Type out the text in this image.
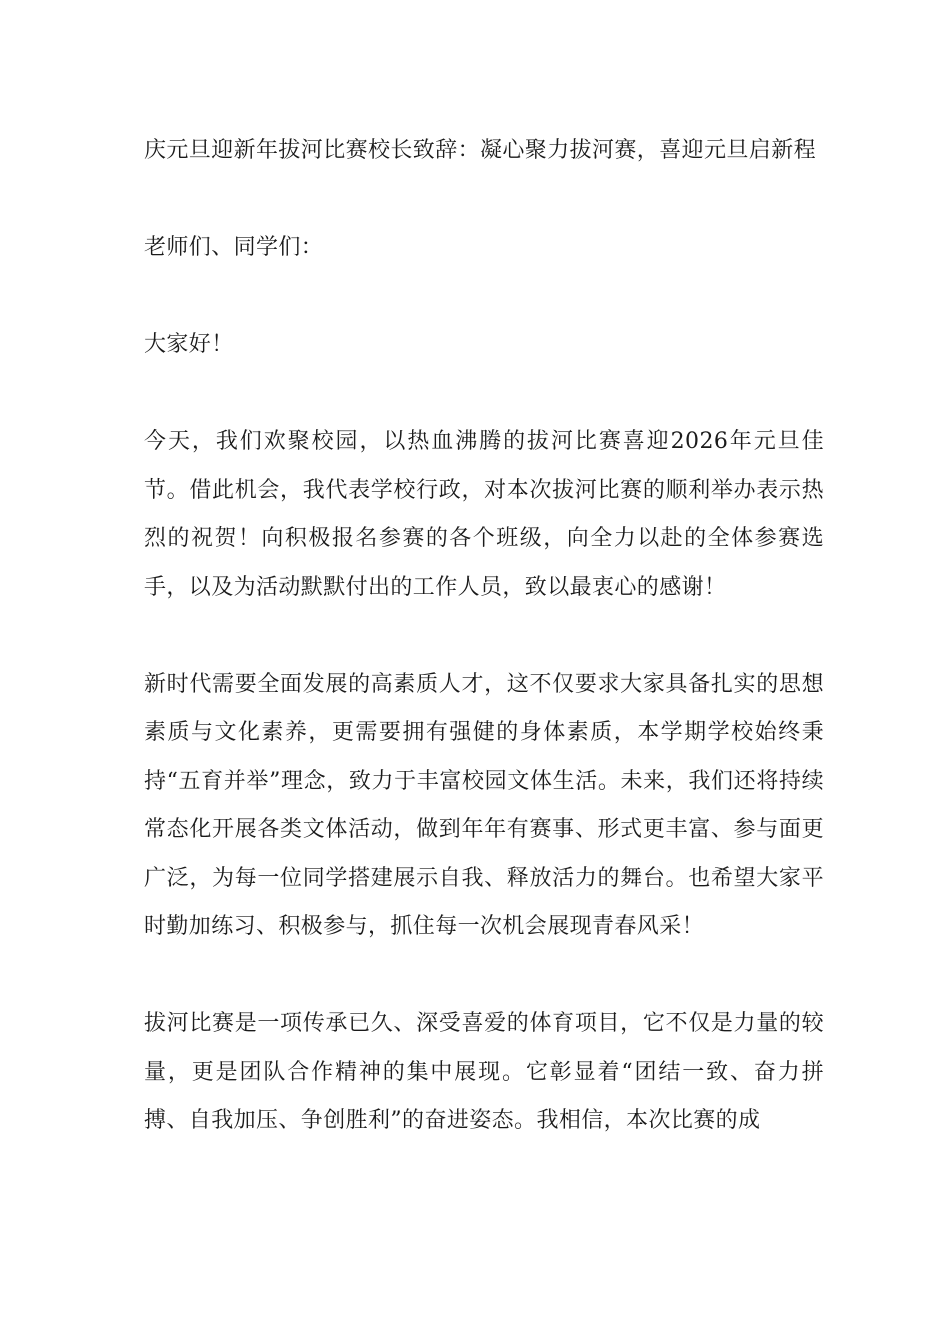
庆元旦迎新年拔河比赛校长致辞：凝心聚力拔河赛，喜迎元旦启新程

老师们、同学们：

大家好！

今天，我们欢聚校园，以热血沸腾的拔河比赛喜迎2026年元旦佳节。借此机会，我代表学校行政，对本次拔河比赛的顺利举办表示热烈的祝贺！向积极报名参赛的各个班级，向全力以赴的全体参赛选手，以及为活动默默付出的工作人员，致以最衷心的感谢！

新时代需要全面发展的高素质人才，这不仅要求大家具备扎实的思想素质与文化素养，更需要拥有强健的身体素质，本学期学校始终秉持“五育并举”理念，致力于丰富校园文体生活。未来，我们还将持续常态化开展各类文体活动，做到年年有赛事、形式更丰富、参与面更广泛，为每一位同学搭建展示自我、释放活力的舞台。也希望大家平时勤加练习、积极参与，抓住每一次机会展现青春风采！

拔河比赛是一项传承已久、深受喜爱的体育项目，它不仅是力量的较量，更是团队合作精神的集中展现。它彰显着“团结一致、奋力拼搏、自我加压、争创胜利”的奋进姿态。我相信，本次比赛的成
